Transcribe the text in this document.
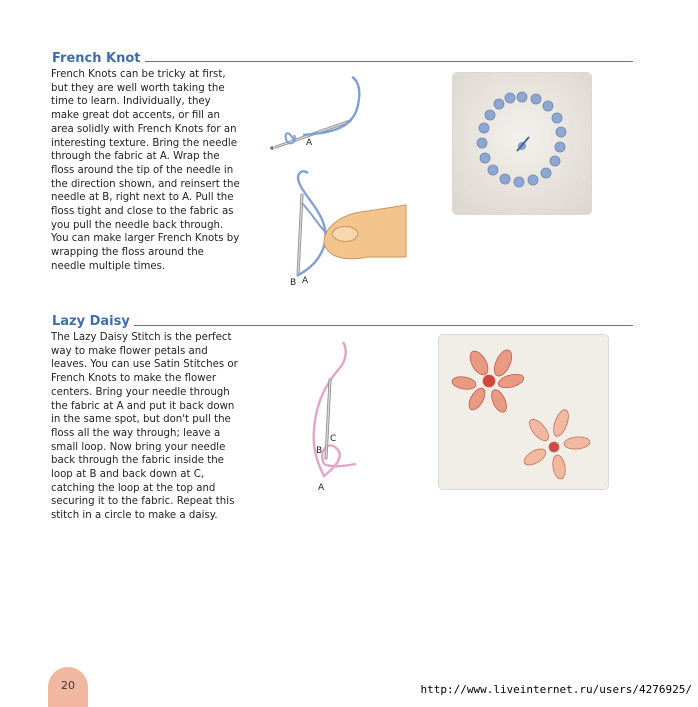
French Knot
French Knots can be tricky at first, but they are well worth taking the time to learn. Individually, they make great dot accents, or fill an area solidly with French Knots for an interesting texture. Bring the needle through the fabric at A. Wrap the floss around the tip of the needle in the direction shown, and reinsert the needle at B, right next to A. Pull the floss tight and close to the fabric as you pull the needle back through. You can make larger French Knots by wrapping the floss around the needle multiple times.
A
B A
Lazy Daisy
The Lazy Daisy Stitch is the perfect way to make flower petals and leaves. You can use Satin Stitches or French Knots to make the flower centers. Bring your needle through the fabric at A and put it back down in the same spot, but don't pull the floss all the way through; leave a small loop. Now bring your needle back through the fabric inside the loop at B and back down at C, catching the loop at the top and securing it to the fabric. Repeat this stitch in a circle to make a daisy.
C
B
A
20	http://www.liveinternet.ru/users/4276925/
